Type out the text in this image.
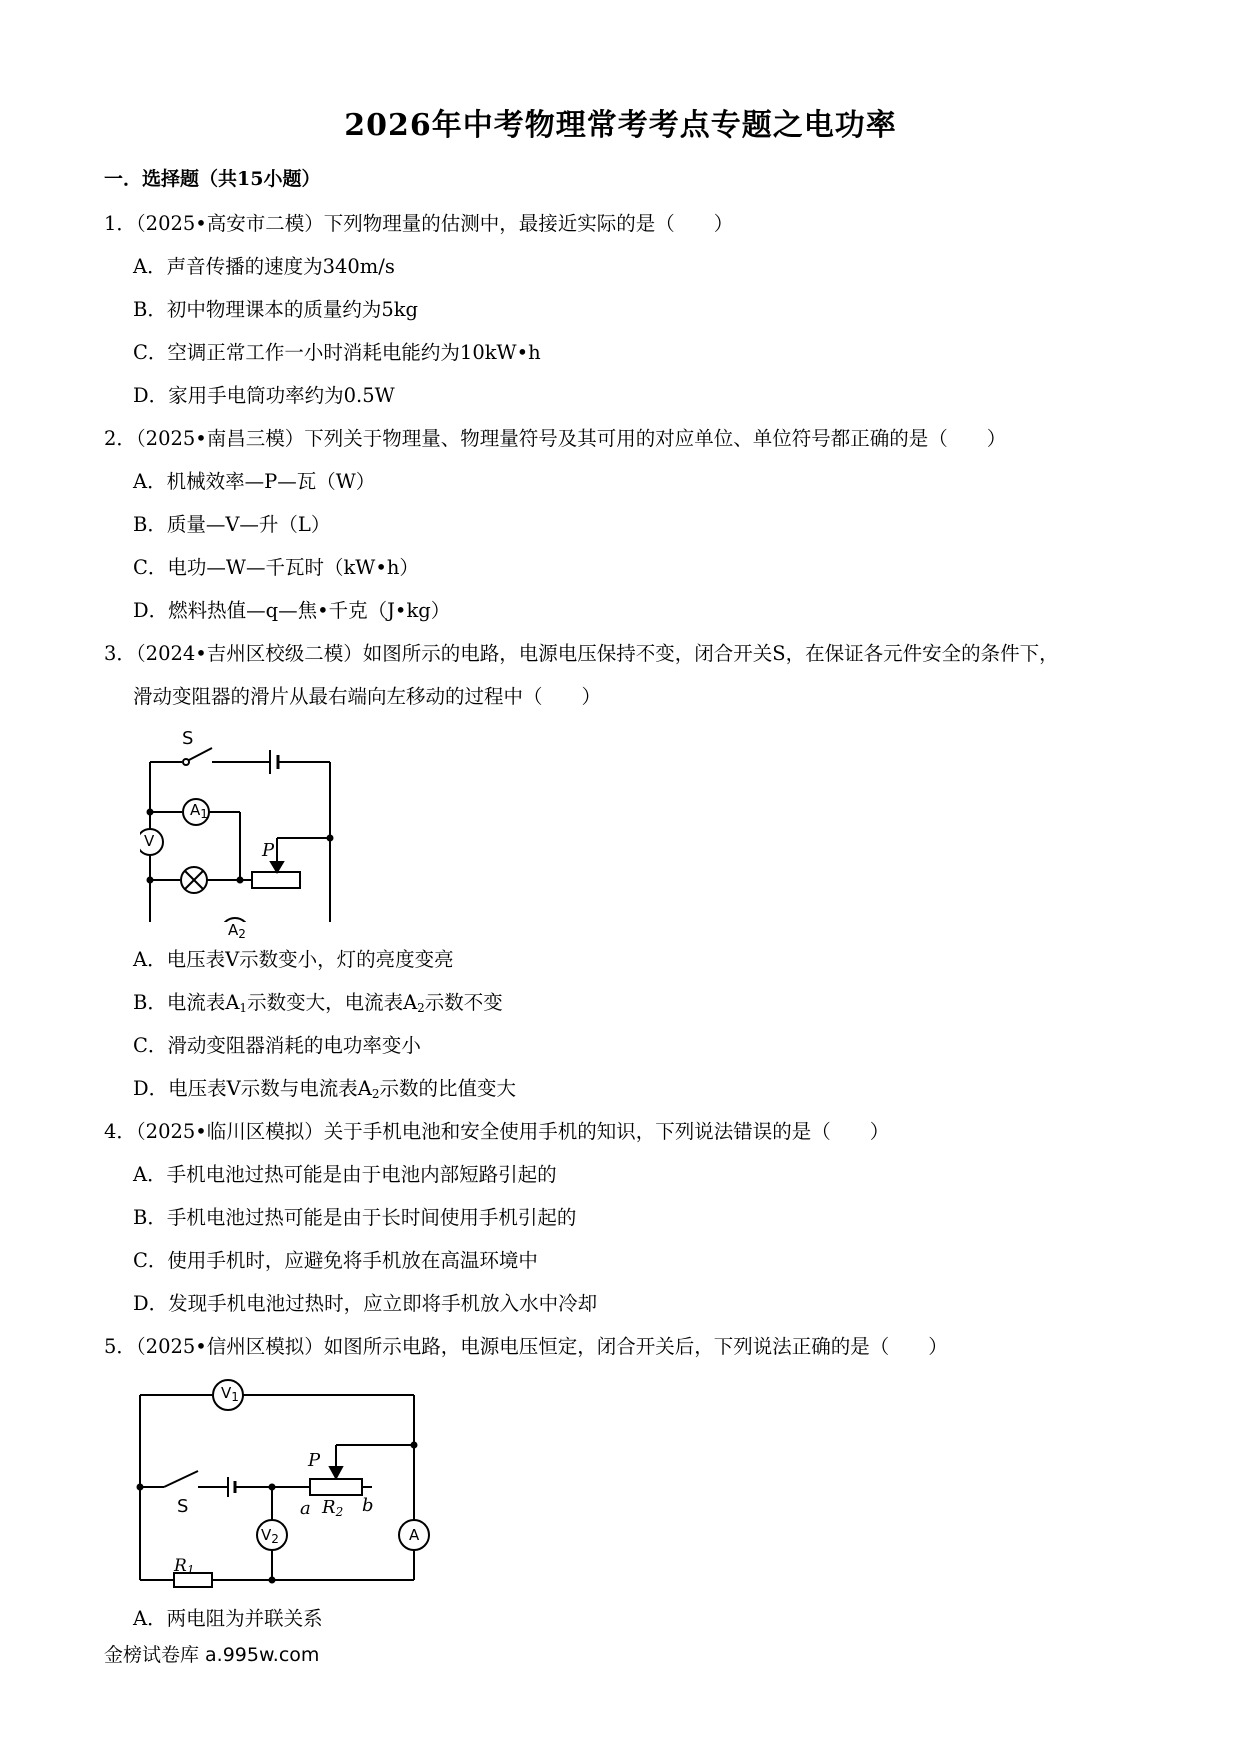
2026年中考物理常考考点专题之电功率
一．选择题（共15小题）
1．（2025•高安市二模）下列物理量的估测中，最接近实际的是（　　）
A．声音传播的速度为340m/s
B．初中物理课本的质量约为5kg
C．空调正常工作一小时消耗电能约为10kW•h
D．家用手电筒功率约为0.5W
2．（2025•南昌三模）下列关于物理量、物理量符号及其可用的对应单位、单位符号都正确的是（　　）
A．机械效率—P—瓦（W）
B．质量—V—升（L）
C．电功—W—千瓦时（kW•h）
D．燃料热值—q—焦•千克（J•kg）
3．（2024•吉州区校级二模）如图所示的电路，电源电压保持不变，闭合开关S，在保证各元件安全的条件下，
滑动变阻器的滑片从最右端向左移动的过程中（　　）
S
$A_1$
V	P
$A_2$
A．电压表V示数变小，灯的亮度变亮
B．电流表$A_1$示数变大，电流表$A_2$示数不变
C．滑动变阻器消耗的电功率变小
D．电压表V示数与电流表$A_2$示数的比值变大
4．（2025•临川区模拟）关于手机电池和安全使用手机的知识，下列说法错误的是（　　）
A．手机电池过热可能是由于电池内部短路引起的
B．手机电池过热可能是由于长时间使用手机引起的
C．使用手机时，应避免将手机放在高温环境中
D．发现手机电池过热时，应立即将手机放入水中冷却
5．（2025•信州区模拟）如图所示电路，电源电压恒定，闭合开关后，下列说法正确的是（　　）
$V_1$
S
P
a $R_2$ b
$V_2$	A
$R_1$
A．两电阻为并联关系
金榜试卷库 a.995w.com
